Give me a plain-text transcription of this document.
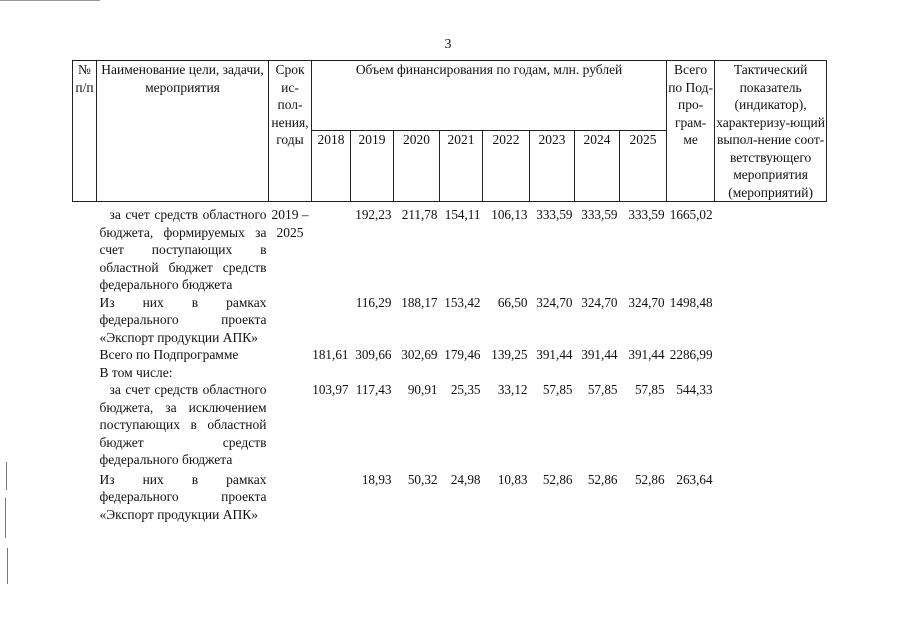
3
№ п/п	Наименование цели, задачи, мероприятия	Срок ис-пол-нения, годы	Объем финансирования по годам, млн. рублей								Всего по Под-про-грам-ме	Тактический показатель (индикатор), характеризу-ющий выпол-нение соот-ветствующего мероприятия (мероприятий)
			2018	2019	2020	2021	2022	2023	2024	2025		
	за счет средств областного бюджета, формируемых за счет поступающих в областной бюджет средств федерального бюджета	2019 – 2025		192,23	211,78	154,11	106,13	333,59	333,59	333,59	1665,02	
	Из них в рамках федерального проекта «Экспорт продукции АПК»			116,29	188,17	153,42	66,50	324,70	324,70	324,70	1498,48	
	Всего по Подпрограмме		181,61	309,66	302,69	179,46	139,25	391,44	391,44	391,44	2286,99	
	В том числе:											
	за счет средств областного бюджета, за исключением поступающих в областной бюджет средств федерального бюджета		103,97	117,43	90,91	25,35	33,12	57,85	57,85	57,85	544,33	
	Из них в рамках федерального проекта «Экспорт продукции АПК»			18,93	50,32	24,98	10,83	52,86	52,86	52,86	263,64	
